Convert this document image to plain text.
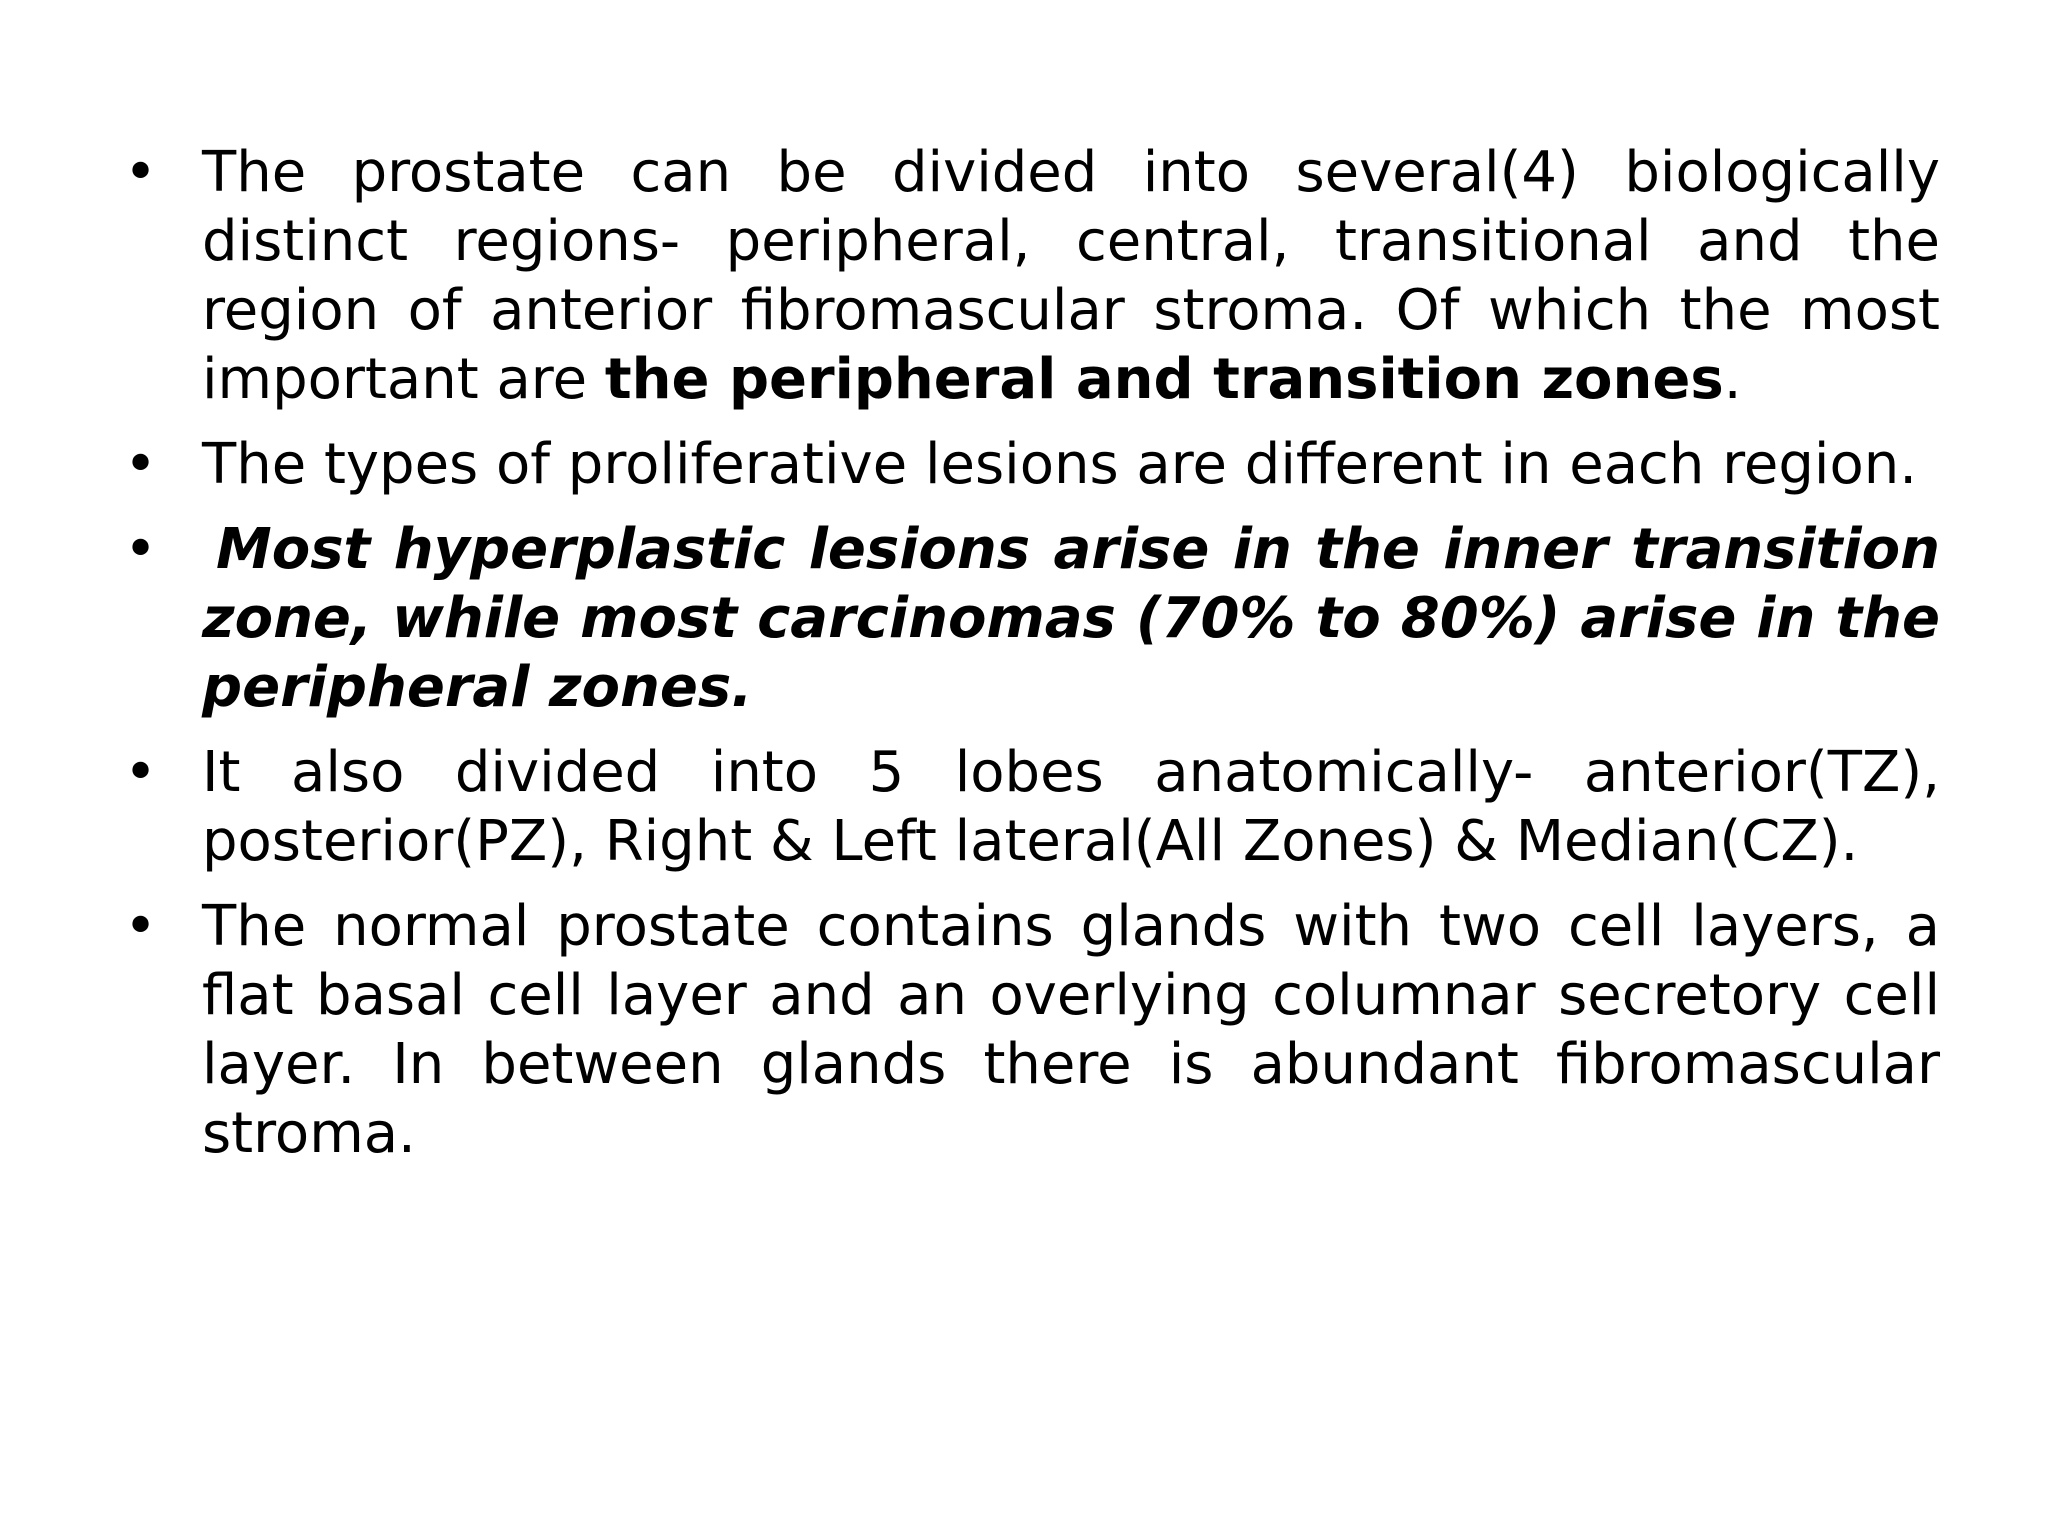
• The prostate can be divided into several(4) biologically distinct regions- peripheral, central, transitional and the region of anterior fibromascular stroma. Of which the most important are the peripheral and transition zones.
• The types of proliferative lesions are different in each region.
• Most hyperplastic lesions arise in the inner transition zone, while most carcinomas (70% to 80%) arise in the peripheral zones.
• It also divided into 5 lobes anatomically- anterior(TZ), posterior(PZ), Right & Left lateral(All Zones) & Median(CZ).
• The normal prostate contains glands with two cell layers, a flat basal cell layer and an overlying columnar secretory cell layer. In between glands there is abundant fibromascular stroma.
